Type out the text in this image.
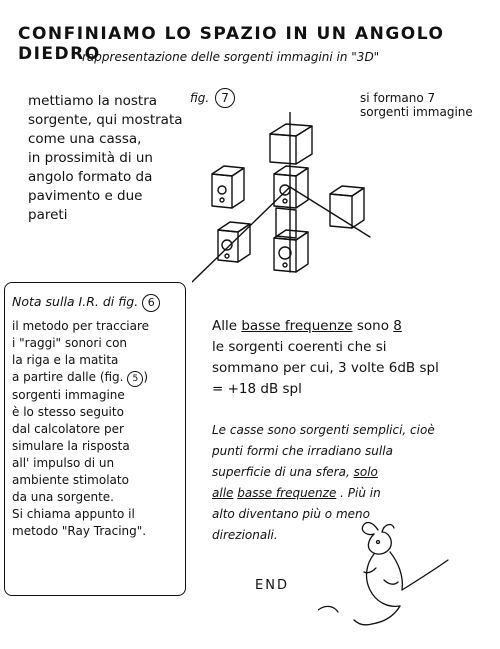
CONFINIAMO LO SPAZIO IN UN ANGOLO DIEDRO
rappresentazione delle sorgenti immagini in "3D"
mettiamo la nostra
sorgente, qui mostrata
come una cassa,
in prossimità di un
angolo formato da
pavimento e due
pareti
fig. 7	si formano 7
sorgenti immagine
Nota sulla I.R. di fig. 6
il metodo per tracciare
i "raggi" sonori con
la riga e la matita
a partire dalle (fig. 5 )
sorgenti immagine
è lo stesso seguito
dal calcolatore per
simulare la risposta
all' impulso di un
ambiente stimolato
da una sorgente.
Si chiama appunto il
metodo "Ray Tracing".
Alle basse frequenze sono 8
le sorgenti coerenti che si
sommano per cui, 3 volte 6dB spl
= +18 dB spl
Le casse sono sorgenti semplici, cioè
punti formi che irradiano sulla
superficie di una sfera, solo
alle basse frequenze . Più in
alto diventano più o meno
direzionali.
END
